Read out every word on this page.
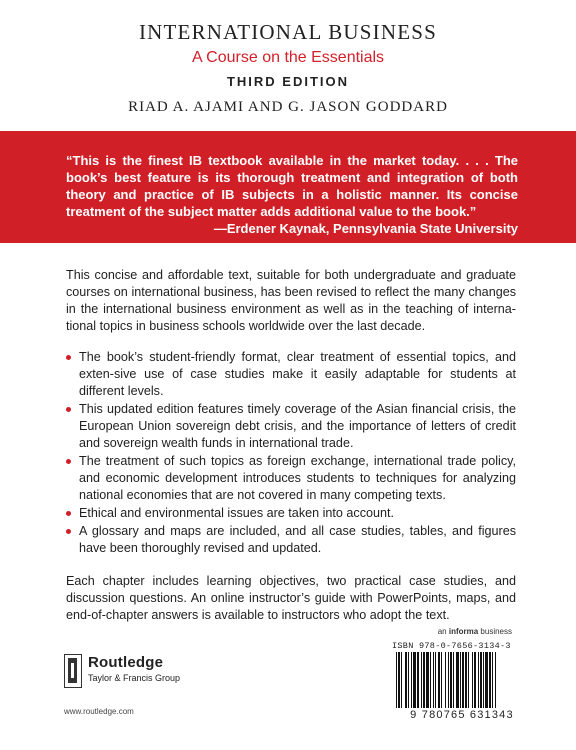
INTERNATIONAL BUSINESS
A Course on the Essentials
THIRD EDITION
RIAD A. AJAMI AND G. JASON GODDARD

“This is the finest IB textbook available in the market today. . . . The book’s best feature is its thorough treatment and integration of both theory and practice of IB subjects in a holistic manner. Its concise treatment of the subject matter adds additional value to the book.”

—Erdener Kaynak, Pennsylvania State University

This concise and affordable text, suitable for both undergraduate and graduate courses on international business, has been revised to reflect the many changes in the international business environment as well as in the teaching of interna-tional topics in business schools worldwide over the last decade.

The book’s student-friendly format, clear treatment of essential topics, and exten-sive use of case studies make it easily adaptable for students at different levels.
This updated edition features timely coverage of the Asian financial crisis, the European Union sovereign debt crisis, and the importance of letters of credit and sovereign wealth funds in international trade.
The treatment of such topics as foreign exchange, international trade policy, and economic development introduces students to techniques for analyzing national economies that are not covered in many competing texts.
Ethical and environmental issues are taken into account.
A glossary and maps are included, and all case studies, tables, and figures have been thoroughly revised and updated.

Each chapter includes learning objectives, two practical case studies, and discussion questions. An online instructor’s guide with PowerPoints, maps, and end-of-chapter answers is available to instructors who adopt the text.

Routledge
Taylor & Francis Group
www.routledge.com
an informa business
ISBN 978-0-7656-3134-3
9 780765 631343
